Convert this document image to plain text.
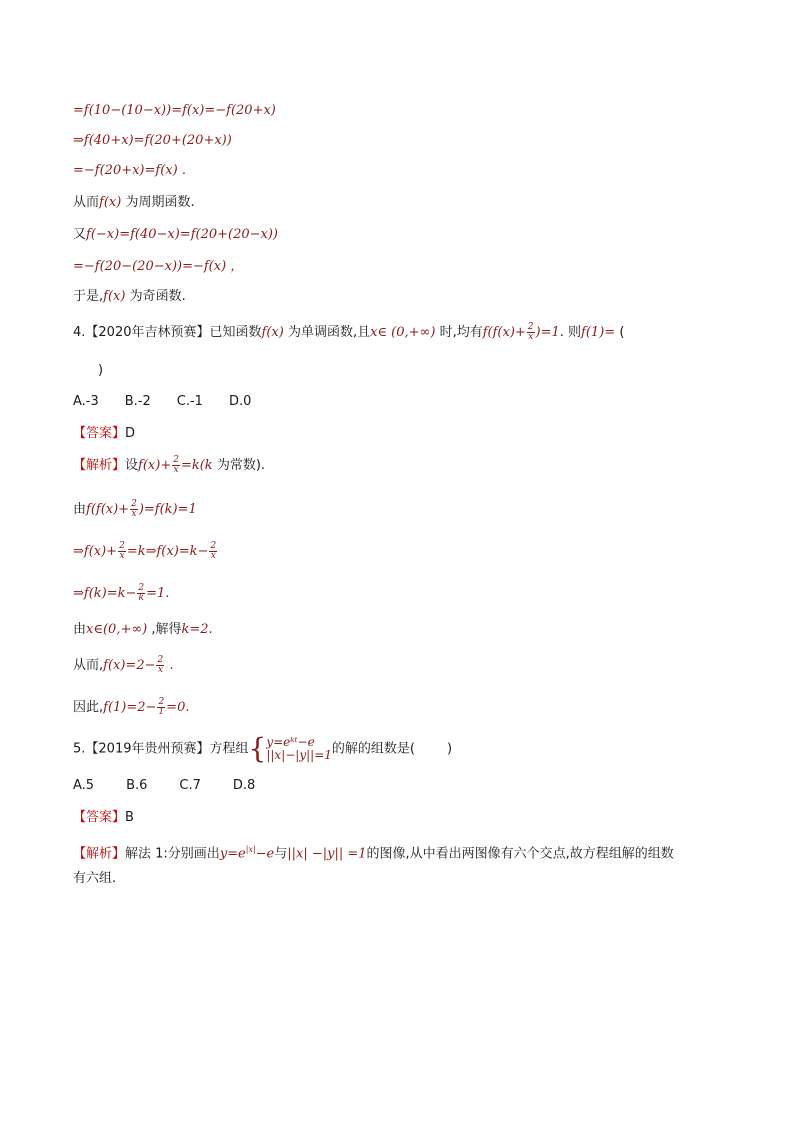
=f(10−(10−x))=f(x)=−f(20+x)
⇒f(40+x)=f(20+(20+x))
=−f(20+x)=f(x) .
从而f(x) 为周期函数.
又f(−x)=f(40−x)=f(20+(20−x))
=−f(20−(20−x))=−f(x) ，
于是,f(x) 为奇函数.
4.【2020年吉林预赛】已知函数f(x) 为单调函数,且x∈ (0,+∞) 时,均有$f(f(x)+ \frac{2}{x} )=1$. 则f(1)= (
)
A.-3 B.-2 C.-1 D.0
【答案】D
【解析】设$f(x)+ \frac{2}{x} =k(k$ 为常数).
由$f(f(x)+ \frac{2}{x} )=f(k)=1$
⇒f(x)+ $\frac{2}{x}$ =k⇒f(x)=k− $\frac{2}{x}$
⇒f(k)=k− $\frac{2}{k} =1$.
由x∈(0,+∞) ,解得k=2.
从而$,f(x)=2- \frac{2}{x}$ .
因此$,f(1)=2- \frac{2}{1} =0$.
5.【2019年贵州预赛】方程组{ y=eᵏᵗ−e
||x|−|y||=1 的解的组数是( )
A.5 B.6 C.7 D.8
【答案】B
【解析】解法 1:分别画出$y=e^{|x|}-e$与||x| −|y|| =1的图像,从中看出两图像有六个交点,故方程组解的组数
有六组.
